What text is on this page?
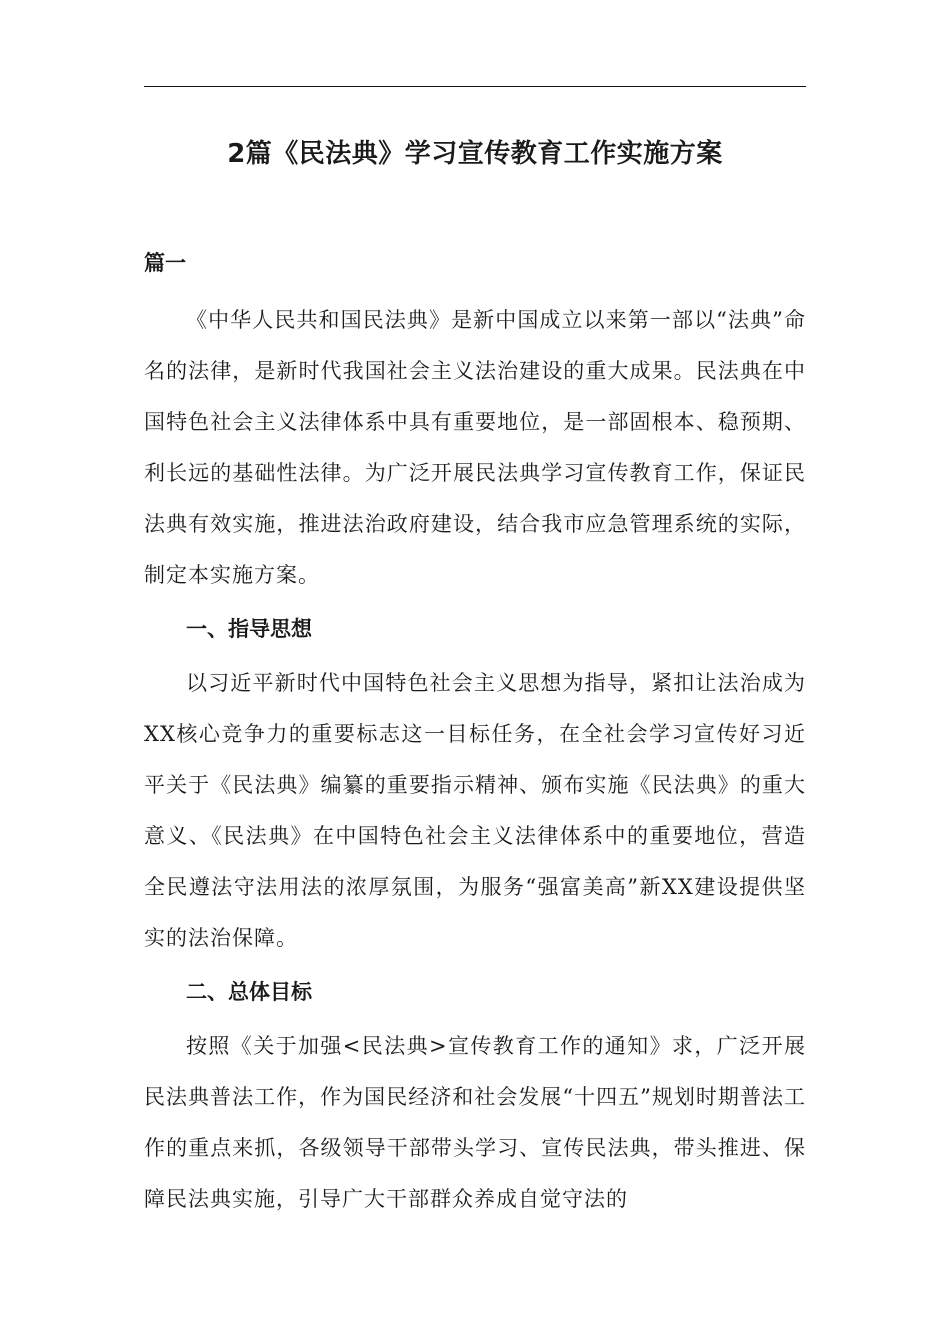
2篇《民法典》学习宣传教育工作实施方案
篇一

《中华人民共和国民法典》是新中国成立以来第一部以“法典”命名的法律，是新时代我国社会主义法治建设的重大成果。民法典在中国特色社会主义法律体系中具有重要地位，是一部固根本、稳预期、利长远的基础性法律。为广泛开展民法典学习宣传教育工作，保证民法典有效实施，推进法治政府建设，结合我市应急管理系统的实际，制定本实施方案。

一、指导思想

以习近平新时代中国特色社会主义思想为指导，紧扣让法治成为XX核心竞争力的重要标志这一目标任务，在全社会学习宣传好习近平关于《民法典》编纂的重要指示精神、颁布实施《民法典》的重大意义、《民法典》在中国特色社会主义法律体系中的重要地位，营造全民遵法守法用法的浓厚氛围，为服务“强富美高”新XX建设提供坚实的法治保障。

二、总体目标

按照《关于加强<民法典>宣传教育工作的通知》求，广泛开展民法典普法工作，作为国民经济和社会发展“十四五”规划时期普法工作的重点来抓，各级领导干部带头学习、宣传民法典，带头推进、保障民法典实施，引导广大干部群众养成自觉守法的
